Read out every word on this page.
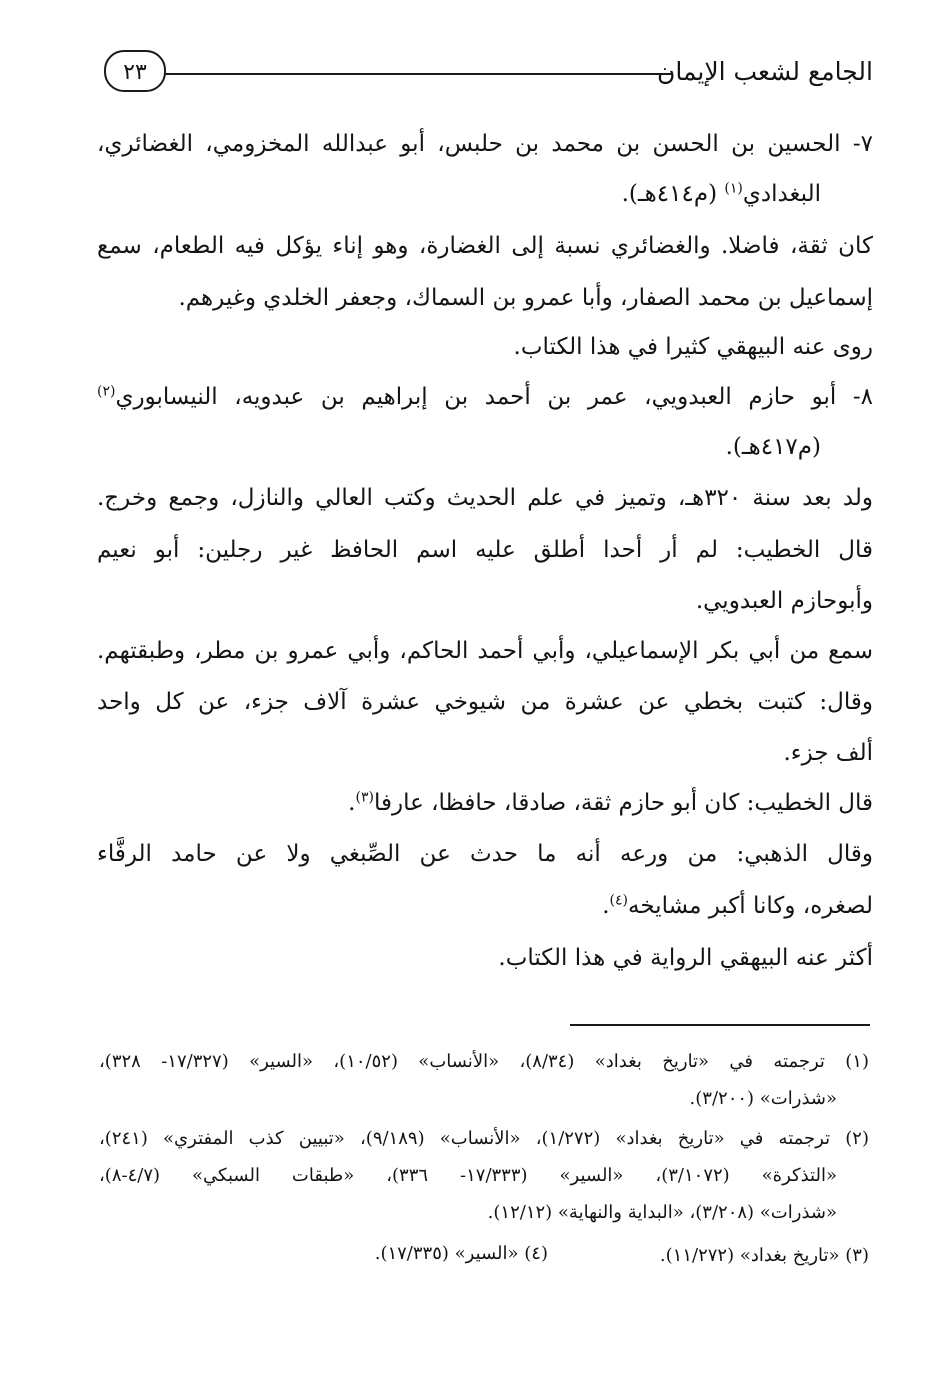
الجامع لشعب الإيمان
٢٣
٧- الحسين بن الحسن بن محمد بن حلبس، أبو عبدالله المخزومي، الغضائري،
البغدادي$^{(١)}$ (م٤١٤هـ).
كان ثقة، فاضلا. والغضائري نسبة إلى الغضارة، وهو إناء يؤكل فيه الطعام، سمع
إسماعيل بن محمد الصفار، وأبا عمرو بن السماك، وجعفر الخلدي وغيرهم.
روى عنه البيهقي كثيرا في هذا الكتاب.
٨- أبو حازم العبدويي، عمر بن أحمد بن إبراهيم بن عبدويه، النيسابوري$^{(٢)}$
(م٤١٧هـ).
ولد بعد سنة ٣٢٠هـ، وتميز في علم الحديث وكتب العالي والنازل، وجمع وخرج.
قال الخطيب: لم أر أحدا أطلق عليه اسم الحافظ غير رجلين: أبو نعيم
وأبوحازم العبدويي.
سمع من أبي بكر الإسماعيلي، وأبي أحمد الحاكم، وأبي عمرو بن مطر، وطبقتهم.
وقال: كتبت بخطي عن عشرة من شيوخي عشرة آلاف جزء، عن كل واحد
ألف جزء.
قال الخطيب: كان أبو حازم ثقة، صادقا، حافظا، عارفا$^{(٣)}$.
وقال الذهبي: من ورعه أنه ما حدث عن الصِّبغي ولا عن حامد الرفَّاء
لصغره، وكانا أكبر مشايخه$^{(٤)}$.
أكثر عنه البيهقي الرواية في هذا الكتاب.
(١) ترجمته في «تاريخ بغداد» (٨/٣٤)، «الأنساب» (١٠/٥٢)، «السير» (١٧/٣٢٧- ٣٢٨)،
«شذرات» (٣/٢٠٠).
(٢) ترجمته في «تاريخ بغداد» (١/٢٧٢)، «الأنساب» (٩/١٨٩)، «تبيين كذب المفتري» (٢٤١)،
«التذكرة» (٣/١٠٧٢)، «السير» (١٧/٣٣٣- ٣٣٦)، «طبقات السبكي» (٤/٧-٨)،
«شذرات» (٣/٢٠٨)، «البداية والنهاية» (١٢/١٢).
(٣) «تاريخ بغداد» (١١/٢٧٢).
(٤) «السير» (١٧/٣٣٥).
